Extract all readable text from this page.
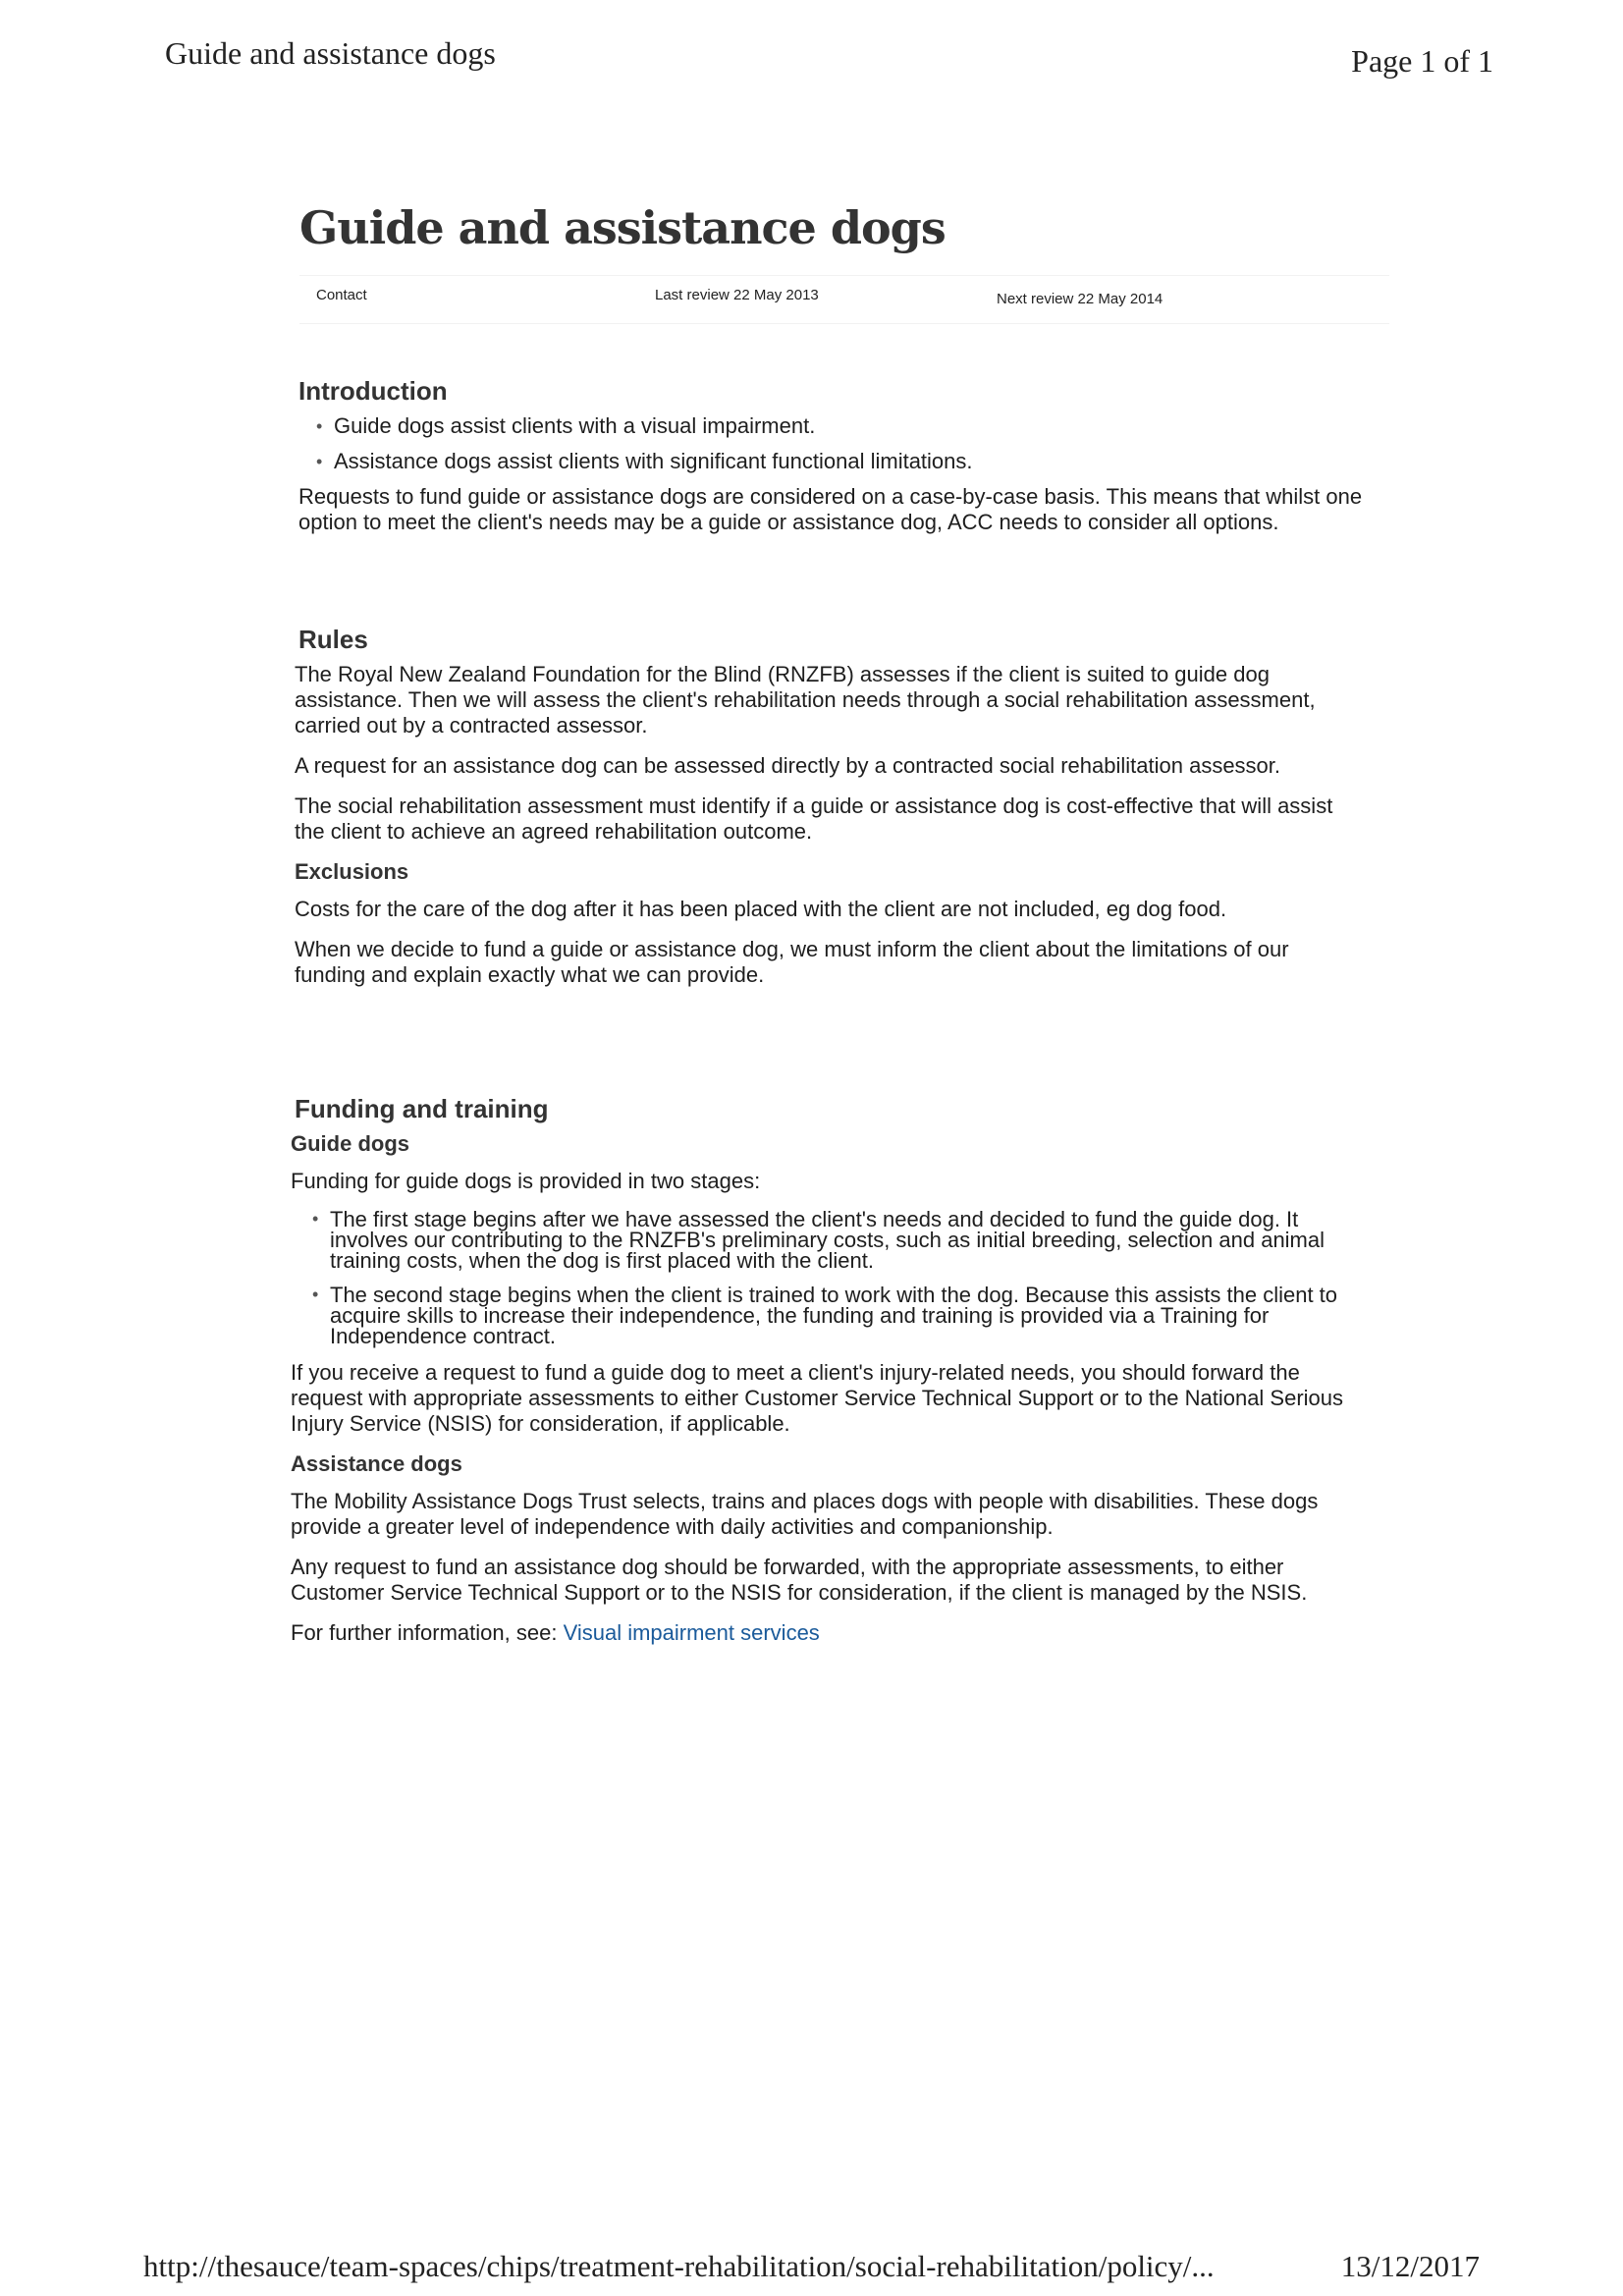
Guide and assistance dogs	Page 1 of 1
Guide and assistance dogs
Contact	Last review 22 May 2013	Next review 22 May 2014
Introduction
• Guide dogs assist clients with a visual impairment.
• Assistance dogs assist clients with significant functional limitations.

Requests to fund guide or assistance dogs are considered on a case-by-case basis. This means that whilst one option to meet the client's needs may be a guide or assistance dog, ACC needs to consider all options.

Rules

The Royal New Zealand Foundation for the Blind (RNZFB) assesses if the client is suited to guide dog assistance. Then we will assess the client's rehabilitation needs through a social rehabilitation assessment, carried out by a contracted assessor.

A request for an assistance dog can be assessed directly by a contracted social rehabilitation assessor.

The social rehabilitation assessment must identify if a guide or assistance dog is cost-effective that will assist the client to achieve an agreed rehabilitation outcome.

Exclusions

Costs for the care of the dog after it has been placed with the client are not included, eg dog food.

When we decide to fund a guide or assistance dog, we must inform the client about the limitations of our funding and explain exactly what we can provide.

Funding and training
Guide dogs

Funding for guide dogs is provided in two stages:

• The first stage begins after we have assessed the client's needs and decided to fund the guide dog. It involves our contributing to the RNZFB's preliminary costs, such as initial breeding, selection and animal training costs, when the dog is first placed with the client.
• The second stage begins when the client is trained to work with the dog. Because this assists the client to acquire skills to increase their independence, the funding and training is provided via a Training for Independence contract.

If you receive a request to fund a guide dog to meet a client's injury-related needs, you should forward the request with appropriate assessments to either Customer Service Technical Support or to the National Serious Injury Service (NSIS) for consideration, if applicable.

Assistance dogs

The Mobility Assistance Dogs Trust selects, trains and places dogs with people with disabilities. These dogs provide a greater level of independence with daily activities and companionship.

Any request to fund an assistance dog should be forwarded, with the appropriate assessments, to either Customer Service Technical Support or to the NSIS for consideration, if the client is managed by the NSIS.

For further information, see: Visual impairment services

http://thesauce/team-spaces/chips/treatment-rehabilitation/social-rehabilitation/policy/...	13/12/2017
